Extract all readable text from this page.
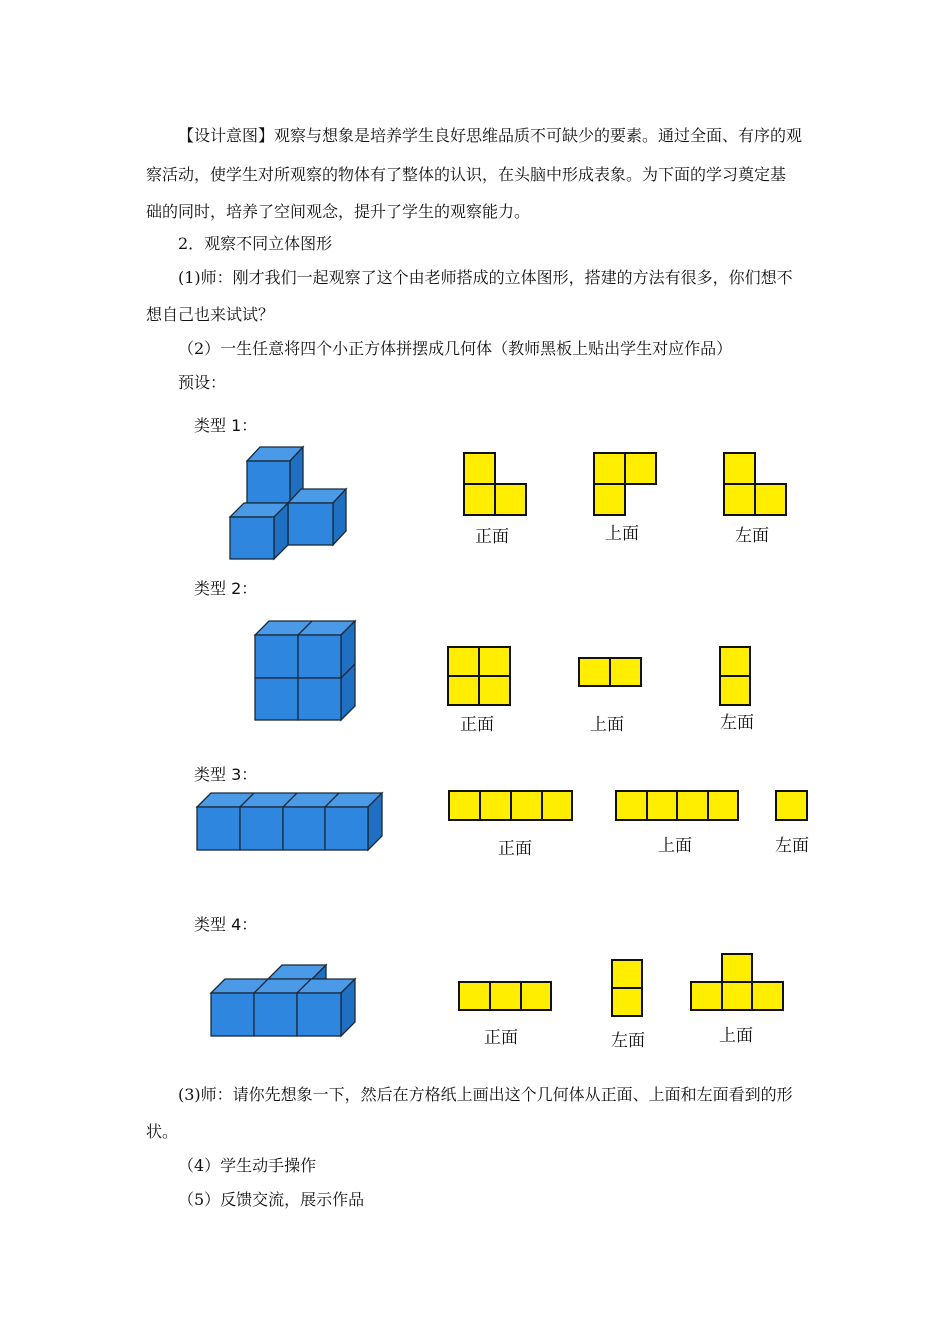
【设计意图】观察与想象是培养学生良好思维品质不可缺少的要素。通过全面、有序的观
察活动，使学生对所观察的物体有了整体的认识，在头脑中形成表象。为下面的学习奠定基
础的同时，培养了空间观念，提升了学生的观察能力。
2．观察不同立体图形
(1)师：刚才我们一起观察了这个由老师搭成的立体图形，搭建的方法有很多，你们想不
想自己也来试试？
（2）一生任意将四个小正方体拼摆成几何体（教师黑板上贴出学生对应作品）
预设：
类型 1：
类型 2：
类型 3：
类型 4：
正面	上面	左面
正面	上面	左面
正面	上面	左面
正面	左面	上面
(3)师：请你先想象一下，然后在方格纸上画出这个几何体从正面、上面和左面看到的形
状。
（4）学生动手操作
（5）反馈交流，展示作品
